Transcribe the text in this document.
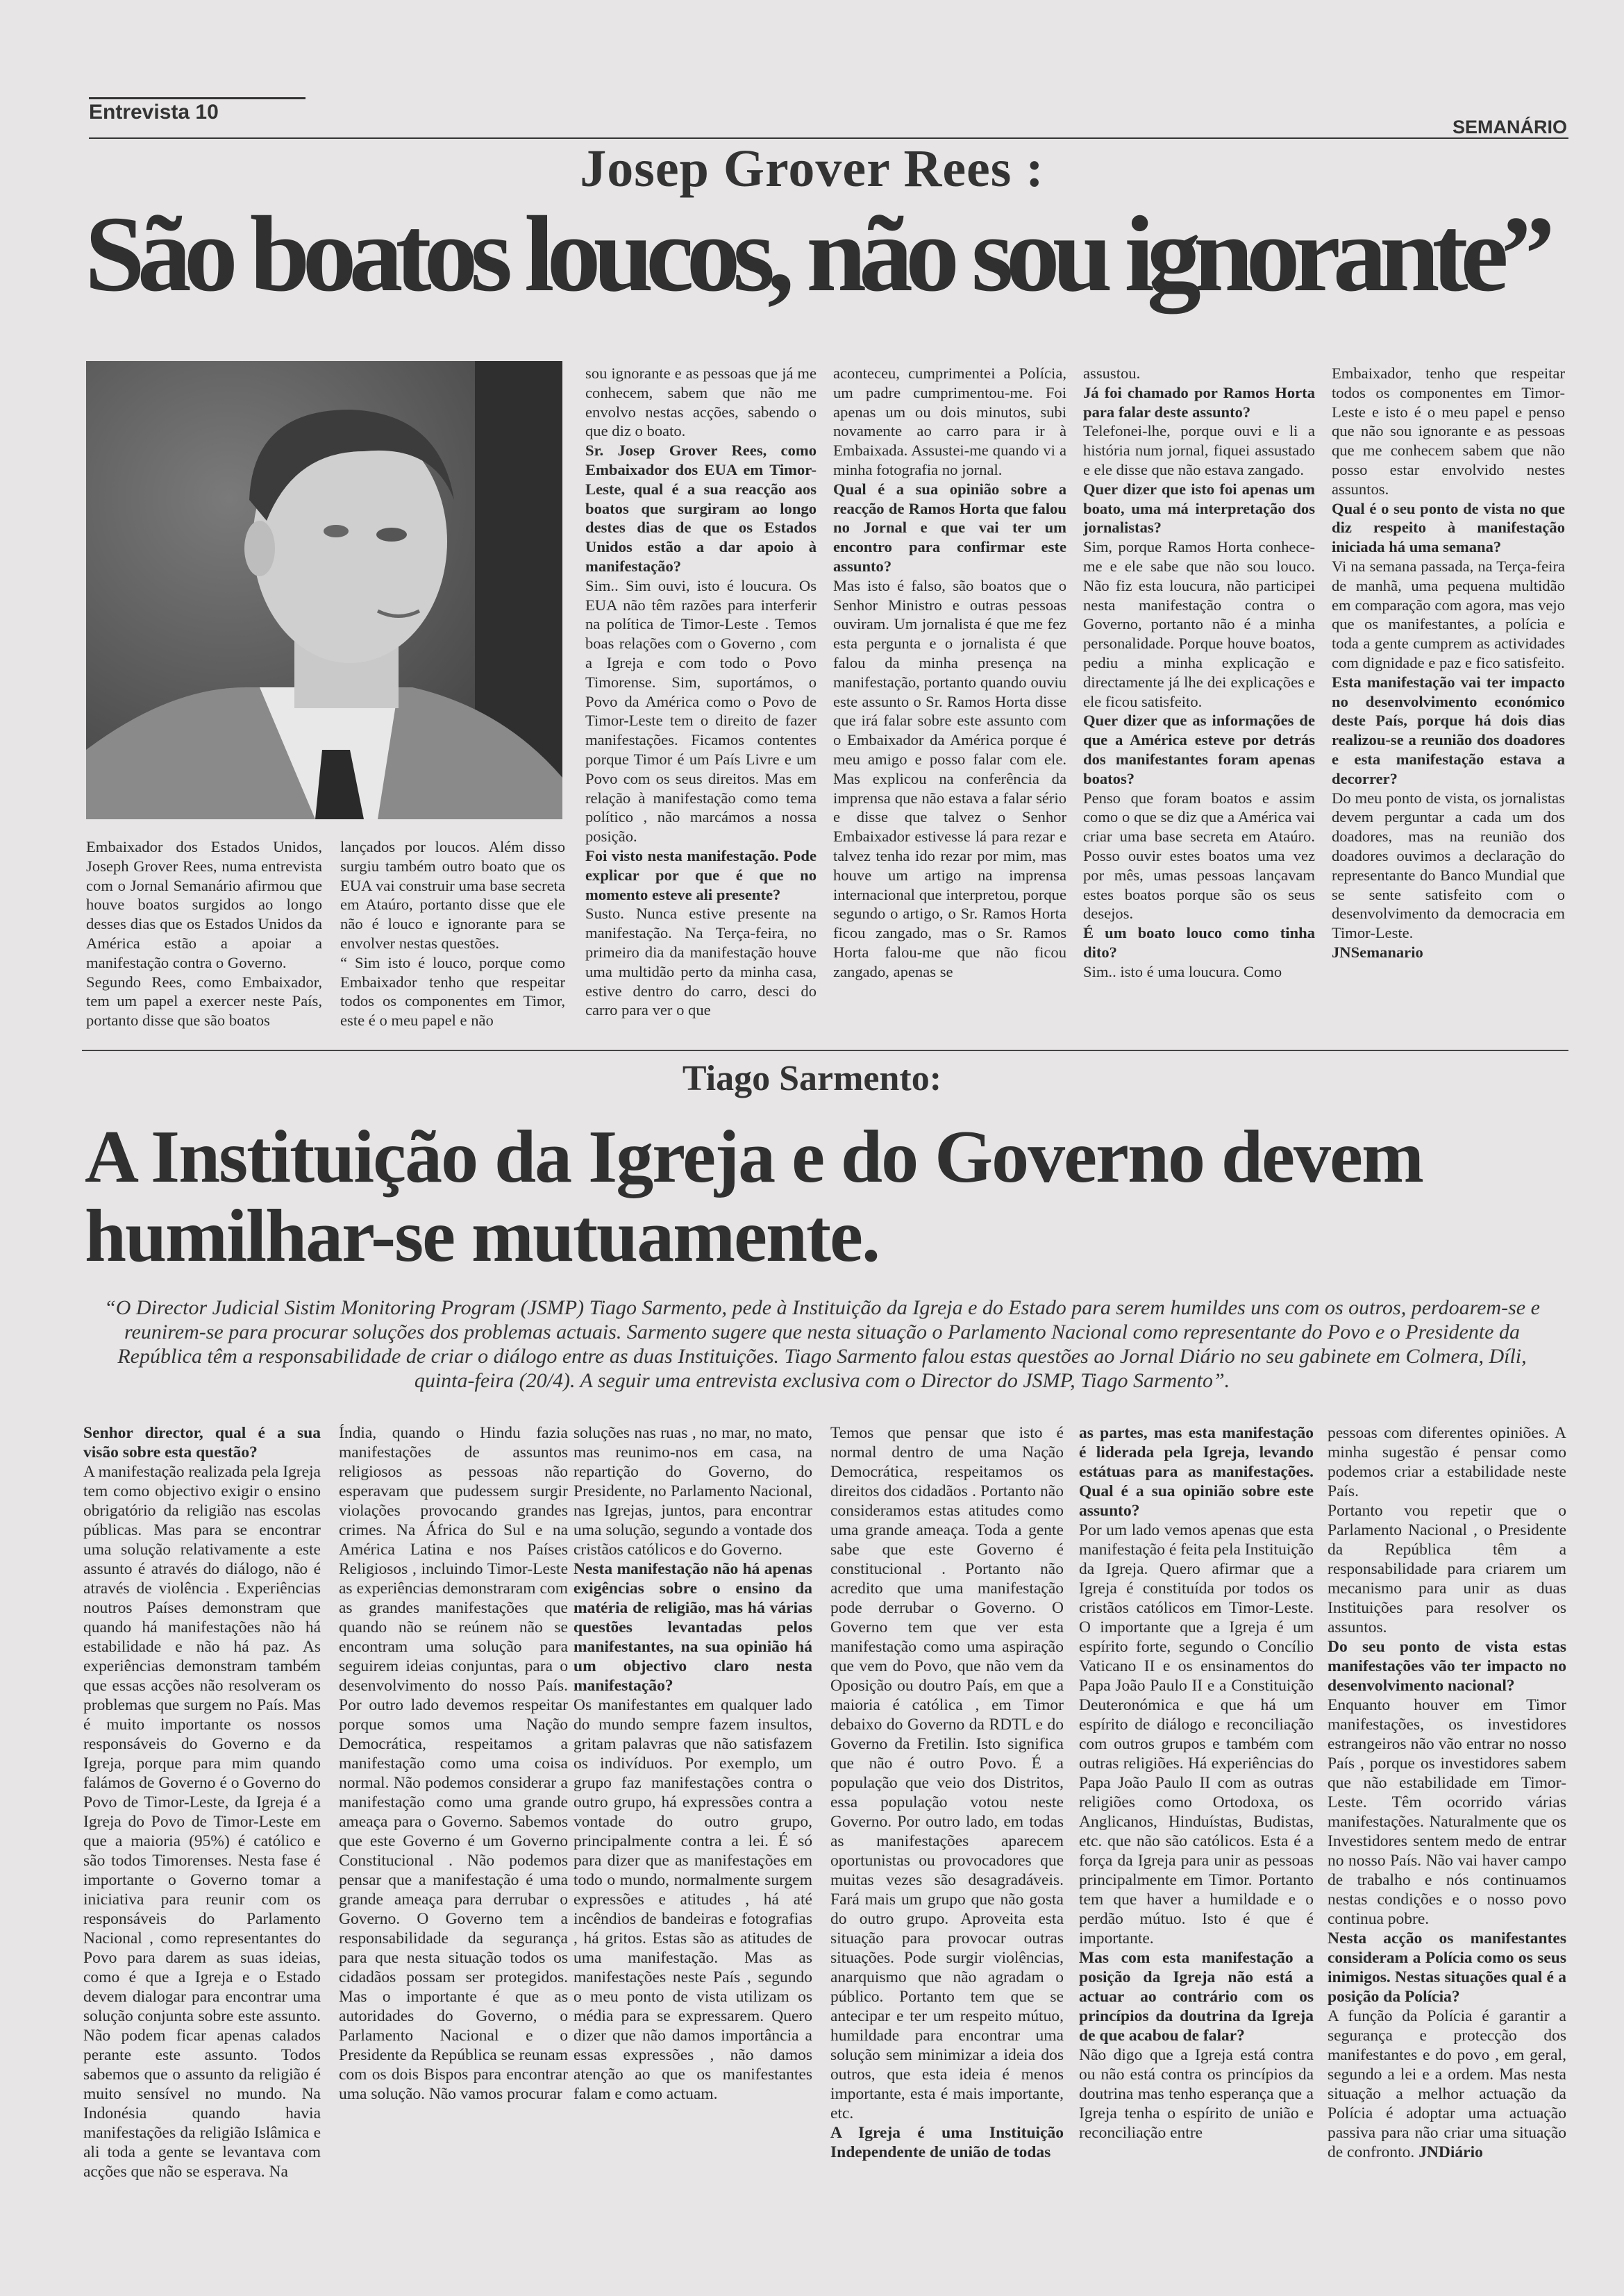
Entrevista 10
SEMANÁRIO
Josep Grover Rees :
São boatos loucos, não sou ignorante”

Embaixador dos Estados Unidos, Joseph Grover Rees, numa entrevista com o Jornal Semanário afirmou que houve boatos surgidos ao longo desses dias que os Estados Unidos da América estão a apoiar a manifestação contra o Governo.

Segundo Rees, como Embaixador, tem um papel a exercer neste País, portanto disse que são boatos

lançados por loucos. Além disso surgiu também outro boato que os EUA vai construir uma base secreta em Ataúro, portanto disse que ele não é louco e ignorante para se envolver nestas questões.

“ Sim isto é louco, porque como Embaixador tenho que respeitar todos os componentes em Timor, este é o meu papel e não

sou ignorante e as pessoas que já me conhecem, sabem que não me envolvo nestas acções, sabendo o que diz o boato.

Sr. Josep Grover Rees, como Embaixador dos EUA em Timor-Leste, qual é a sua reacção aos boatos que surgiram ao longo destes dias de que os Estados Unidos estão a dar apoio à manifestação?

Sim.. Sim ouvi, isto é loucura. Os EUA não têm razões para interferir na política de Timor-Leste . Temos boas relações com o Governo , com a Igreja e com todo o Povo Timorense. Sim, suportámos, o Povo da América como o Povo de Timor-Leste tem o direito de fazer manifestações. Ficamos contentes porque Timor é um País Livre e um Povo com os seus direitos. Mas em relação à manifestação como tema político , não marcámos a nossa posição.

Foi visto nesta manifestação. Pode explicar por que é que no momento esteve ali presente?

Susto. Nunca estive presente na manifestação. Na Terça-feira, no primeiro dia da manifestação houve uma multidão perto da minha casa, estive dentro do carro, desci do carro para ver o que

aconteceu, cumprimentei a Polícia, um padre cumprimentou-me. Foi apenas um ou dois minutos, subi novamente ao carro para ir à Embaixada. Assustei-me quando vi a minha fotografia no jornal.

Qual é a sua opinião sobre a reacção de Ramos Horta que falou no Jornal e que vai ter um encontro para confirmar este assunto?

Mas isto é falso, são boatos que o Senhor Ministro e outras pessoas ouviram. Um jornalista é que me fez esta pergunta e o jornalista é que falou da minha presença na manifestação, portanto quando ouviu este assunto o Sr. Ramos Horta disse que irá falar sobre este assunto com o Embaixador da América porque é meu amigo e posso falar com ele. Mas explicou na conferência da imprensa que não estava a falar sério e disse que talvez o Senhor Embaixador estivesse lá para rezar e talvez tenha ido rezar por mim, mas houve um artigo na imprensa internacional que interpretou, porque segundo o artigo, o Sr. Ramos Horta ficou zangado, mas o Sr. Ramos Horta falou-me que não ficou zangado, apenas se

assustou.

Já foi chamado por Ramos Horta para falar deste assunto?

Telefonei-lhe, porque ouvi e li a história num jornal, fiquei assustado e ele disse que não estava zangado.

Quer dizer que isto foi apenas um boato, uma má interpretação dos jornalistas?

Sim, porque Ramos Horta conhece-me e ele sabe que não sou louco. Não fiz esta loucura, não participei nesta manifestação contra o Governo, portanto não é a minha personalidade. Porque houve boatos, pediu a minha explicação e directamente já lhe dei explicações e ele ficou satisfeito.

Quer dizer que as informações de que a América esteve por detrás dos manifestantes foram apenas boatos?

Penso que foram boatos e assim como o que se diz que a América vai criar uma base secreta em Ataúro. Posso ouvir estes boatos uma vez por mês, umas pessoas lançavam estes boatos porque são os seus desejos.

É um boato louco como tinha dito?

Sim.. isto é uma loucura. Como

Embaixador, tenho que respeitar todos os componentes em Timor-Leste e isto é o meu papel e penso que não sou ignorante e as pessoas que me conhecem sabem que não posso estar envolvido nestes assuntos.

Qual é o seu ponto de vista no que diz respeito à manifestação iniciada há uma semana?

Vi na semana passada, na Terça-feira de manhã, uma pequena multidão em comparação com agora, mas vejo que os manifestantes, a polícia e toda a gente cumprem as actividades com dignidade e paz e fico satisfeito.

Esta manifestação vai ter impacto no desenvolvimento económico deste País, porque há dois dias realizou-se a reunião dos doadores e esta manifestação estava a decorrer?

Do meu ponto de vista, os jornalistas devem perguntar a cada um dos doadores, mas na reunião dos doadores ouvimos a declaração do representante do Banco Mundial que se sente satisfeito com o desenvolvimento da democracia em Timor-Leste.

JNSemanario

Tiago Sarmento:
A Instituição da Igreja e do Governo devem humilhar-se mutuamente.
“O Director Judicial Sistim Monitoring Program (JSMP) Tiago Sarmento, pede à Instituição da Igreja e do Estado para serem humildes uns com os outros, perdoarem-se e reunirem-se para procurar soluções dos problemas actuais. Sarmento sugere que nesta situação o Parlamento Nacional como representante do Povo e o Presidente da República têm a responsabilidade de criar o diálogo entre as duas Instituições. Tiago Sarmento falou estas questões ao Jornal Diário no seu gabinete em Colmera, Díli, quinta-feira (20/4). A seguir uma entrevista exclusiva com o Director do JSMP, Tiago Sarmento”.

Senhor director, qual é a sua visão sobre esta questão?

A manifestação realizada pela Igreja tem como objectivo exigir o ensino obrigatório da religião nas escolas públicas. Mas para se encontrar uma solução relativamente a este assunto é através do diálogo, não é através de violência . Experiências noutros Países demonstram que quando há manifestações não há estabilidade e não há paz. As experiências demonstram também que essas acções não resolveram os problemas que surgem no País. Mas é muito importante os nossos responsáveis do Governo e da Igreja, porque para mim quando falámos de Governo é o Governo do Povo de Timor-Leste, da Igreja é a Igreja do Povo de Timor-Leste em que a maioria (95%) é católico e são todos Timorenses. Nesta fase é importante o Governo tomar a iniciativa para reunir com os responsáveis do Parlamento Nacional , como representantes do Povo para darem as suas ideias, como é que a Igreja e o Estado devem dialogar para encontrar uma solução conjunta sobre este assunto. Não podem ficar apenas calados perante este assunto. Todos sabemos que o assunto da religião é muito sensível no mundo. Na Indonésia quando havia manifestações da religião Islâmica e ali toda a gente se levantava com acções que não se esperava. Na

Índia, quando o Hindu fazia manifestações de assuntos religiosos as pessoas não esperavam que pudessem surgir violações provocando grandes crimes. Na África do Sul e na América Latina e nos Países Religiosos , incluindo Timor-Leste as experiências demonstraram com as grandes manifestações que quando não se reúnem não se encontram uma solução para seguirem ideias conjuntas, para o desenvolvimento do nosso País. Por outro lado devemos respeitar porque somos uma Nação Democrática, respeitamos a manifestação como uma coisa normal. Não podemos considerar a manifestação como uma grande ameaça para o Governo. Sabemos que este Governo é um Governo Constitucional . Não podemos pensar que a manifestação é uma grande ameaça para derrubar o Governo. O Governo tem a responsabilidade da segurança para que nesta situação todos os cidadãos possam ser protegidos. Mas o importante é que as autoridades do Governo, o Parlamento Nacional e o Presidente da República se reunam com os dois Bispos para encontrar uma solução. Não vamos procurar

soluções nas ruas , no mar, no mato, mas reunimo-nos em casa, na repartição do Governo, do Presidente, no Parlamento Nacional, nas Igrejas, juntos, para encontrar uma solução, segundo a vontade dos cristãos católicos e do Governo.

Nesta manifestação não há apenas exigências sobre o ensino da matéria de religião, mas há várias questões levantadas pelos manifestantes, na sua opinião há um objectivo claro nesta manifestação?

Os manifestantes em qualquer lado do mundo sempre fazem insultos, gritam palavras que não satisfazem os indivíduos. Por exemplo, um grupo faz manifestações contra o outro grupo, há expressões contra a vontade do outro grupo, principalmente contra a lei. É só para dizer que as manifestações em todo o mundo, normalmente surgem expressões e atitudes , há até incêndios de bandeiras e fotografias , há gritos. Estas são as atitudes de uma manifestação. Mas as manifestações neste País , segundo o meu ponto de vista utilizam os média para se expressarem. Quero dizer que não damos importância a essas expressões , não damos atenção ao que os manifestantes falam e como actuam.

Temos que pensar que isto é normal dentro de uma Nação Democrática, respeitamos os direitos dos cidadãos . Portanto não consideramos estas atitudes como uma grande ameaça. Toda a gente sabe que este Governo é constitucional . Portanto não acredito que uma manifestação pode derrubar o Governo. O Governo tem que ver esta manifestação como uma aspiração que vem do Povo, que não vem da Oposição ou doutro País, em que a maioria é católica , em Timor debaixo do Governo da RDTL e do Governo da Fretilin. Isto significa que não é outro Povo. É a população que veio dos Distritos, essa população votou neste Governo. Por outro lado, em todas as manifestações aparecem oportunistas ou provocadores que muitas vezes são desagradáveis. Fará mais um grupo que não gosta do outro grupo. Aproveita esta situação para provocar outras situações. Pode surgir violências, anarquismo que não agradam o público. Portanto tem que se antecipar e ter um respeito mútuo, humildade para encontrar uma solução sem minimizar a ideia dos outros, que esta ideia é menos importante, esta é mais importante, etc.

A Igreja é uma Instituição Independente de união de todas

as partes, mas esta manifestação é liderada pela Igreja, levando estátuas para as manifestações. Qual é a sua opinião sobre este assunto?

Por um lado vemos apenas que esta manifestação é feita pela Instituição da Igreja. Quero afirmar que a Igreja é constituída por todos os cristãos católicos em Timor-Leste. O importante que a Igreja é um espírito forte, segundo o Concílio Vaticano II e os ensinamentos do Papa João Paulo II e a Constituição Deuteronómica e que há um espírito de diálogo e reconciliação com outros grupos e também com outras religiões. Há experiências do Papa João Paulo II com as outras religiões como Ortodoxa, os Anglicanos, Hinduístas, Budistas, etc. que não são católicos. Esta é a força da Igreja para unir as pessoas principalmente em Timor. Portanto tem que haver a humildade e o perdão mútuo. Isto é que é importante.

Mas com esta manifestação a posição da Igreja não está a actuar ao contrário com os princípios da doutrina da Igreja de que acabou de falar?

Não digo que a Igreja está contra ou não está contra os princípios da doutrina mas tenho esperança que a Igreja tenha o espírito de união e reconciliação entre

pessoas com diferentes opiniões. A minha sugestão é pensar como podemos criar a estabilidade neste País.

Portanto vou repetir que o Parlamento Nacional , o Presidente da República têm a responsabilidade para criarem um mecanismo para unir as duas Instituições para resolver os assuntos.

Do seu ponto de vista estas manifestações vão ter impacto no desenvolvimento nacional?

Enquanto houver em Timor manifestações, os investidores estrangeiros não vão entrar no nosso País , porque os investidores sabem que não estabilidade em Timor-Leste. Têm ocorrido várias manifestações. Naturalmente que os Investidores sentem medo de entrar no nosso País. Não vai haver campo de trabalho e nós continuamos nestas condições e o nosso povo continua pobre.

Nesta acção os manifestantes consideram a Polícia como os seus inimigos. Nestas situações qual é a posição da Polícia?

A função da Polícia é garantir a segurança e protecção dos manifestantes e do povo , em geral, segundo a lei e a ordem. Mas nesta situação a melhor actuação da Polícia é adoptar uma actuação passiva para não criar uma situação de confronto. JNDiário
